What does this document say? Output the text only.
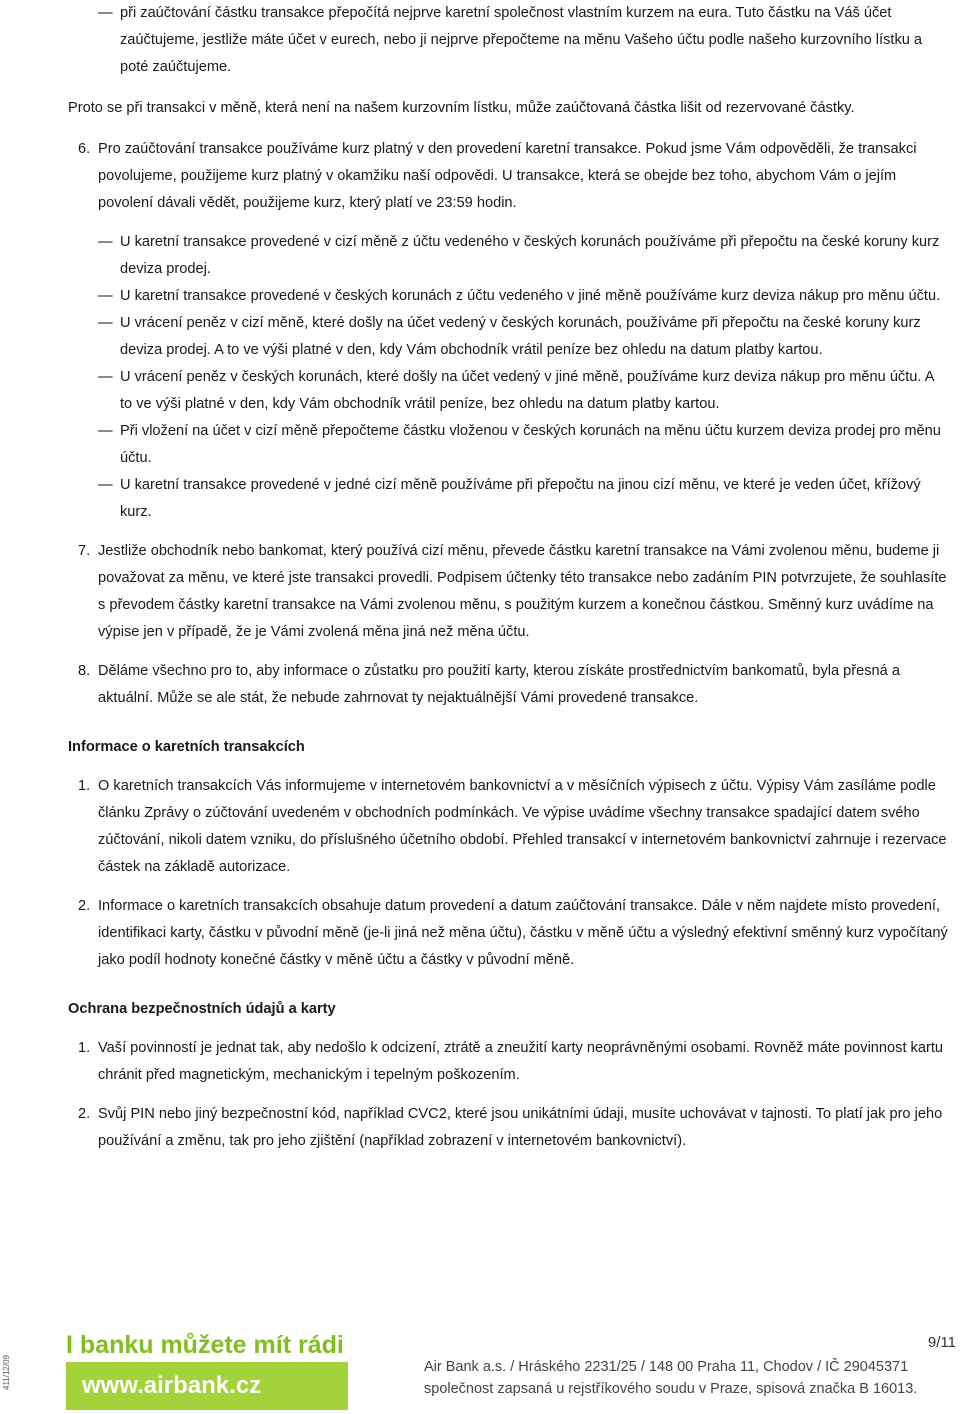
— při zaúčtování částku transakce přepočítá nejprve karetní společnost vlastním kurzem na eura. Tuto částku na Váš účet zaúčtujeme, jestliže máte účet v eurech, nebo ji nejprve přepočteme na měnu Vašeho účtu podle našeho kurzovního lístku a poté zaúčtujeme.

Proto se při transakci v měně, která není na našem kurzovním lístku, může zaúčtovaná částka lišit od rezervované částky.

6. Pro zaúčtování transakce používáme kurz platný v den provedení karetní transakce. Pokud jsme Vám odpověděli, že transakci povolujeme, použijeme kurz platný v okamžiku naší odpovědi. U transakce, která se obejde bez toho, abychom Vám o jejím povolení dávali vědět, použijeme kurz, který platí ve 23:59 hodin.

— U karetní transakce provedené v cizí měně z účtu vedeného v českých korunách používáme při přepočtu na české koruny kurz deviza prodej.

— U karetní transakce provedené v českých korunách z účtu vedeného v jiné měně používáme kurz deviza nákup pro měnu účtu.

— U vrácení peněz v cizí měně, které došly na účet vedený v českých korunách, používáme při přepočtu na české koruny kurz deviza prodej. A to ve výši platné v den, kdy Vám obchodník vrátil peníze bez ohledu na datum platby kartou.

— U vrácení peněz v českých korunách, které došly na účet vedený v jiné měně, používáme kurz deviza nákup pro měnu účtu. A to ve výši platné v den, kdy Vám obchodník vrátil peníze, bez ohledu na datum platby kartou.

— Při vložení na účet v cizí měně přepočteme částku vloženou v českých korunách na měnu účtu kurzem deviza prodej pro měnu účtu.

— U karetní transakce provedené v jedné cizí měně používáme při přepočtu na jinou cizí měnu, ve které je veden účet, křížový kurz.

7. Jestliže obchodník nebo bankomat, který používá cizí měnu, převede částku karetní transakce na Vámi zvolenou měnu, budeme ji považovat za měnu, ve které jste transakci provedli. Podpisem účtenky této transakce nebo zadáním PIN potvrzujete, že souhlasíte s převodem částky karetní transakce na Vámi zvolenou měnu, s použitým kurzem a konečnou částkou. Směnný kurz uvádíme na výpise jen v případě, že je Vámi zvolená měna jiná než měna účtu.

8. Děláme všechno pro to, aby informace o zůstatku pro použití karty, kterou získáte prostřednictvím bankomatů, byla přesná a aktuální. Může se ale stát, že nebude zahrnovat ty nejaktuálnější Vámi provedené transakce.

Informace o karetních transakcích

1. O karetních transakcích Vás informujeme v internetovém bankovnictví a v měsíčních výpisech z účtu. Výpisy Vám zasíláme podle článku Zprávy o zúčtování uvedeném v obchodních podmínkách. Ve výpise uvádíme všechny transakce spadající datem svého zúčtování, nikoli datem vzniku, do příslušného účetního období. Přehled transakcí v internetovém bankovnictví zahrnuje i rezervace částek na základě autorizace.

2. Informace o karetních transakcích obsahuje datum provedení a datum zaúčtování transakce. Dále v něm najdete místo provedení, identifikaci karty, částku v původní měně (je-li jiná než měna účtu), částku v měně účtu a výsledný efektivní směnný kurz vypočítaný jako podíl hodnoty konečné částky v měně účtu a částky v původní měně.

Ochrana bezpečnostních údajů a karty

1. Vaší povinností je jednat tak, aby nedošlo k odcizení, ztrátě a zneužití karty neoprávněnými osobami. Rovněž máte povinnost kartu chránit před magnetickým, mechanickým i tepelným poškozením.

2. Svůj PIN nebo jiný bezpečnostní kód, například CVC2, které jsou unikátními údaji, musíte uchovávat v tajnosti. To platí jak pro jeho používání a změnu, tak pro jeho zjištění (například zobrazení v internetovém bankovnictví).

411/12/09
I banku můžete mít rádi
www.airbank.cz
9/11
Air Bank a.s. / Hráského 2231/25 / 148 00 Praha 11, Chodov / IČ 29045371
společnost zapsaná u rejstříkového soudu v Praze, spisová značka B 16013.
